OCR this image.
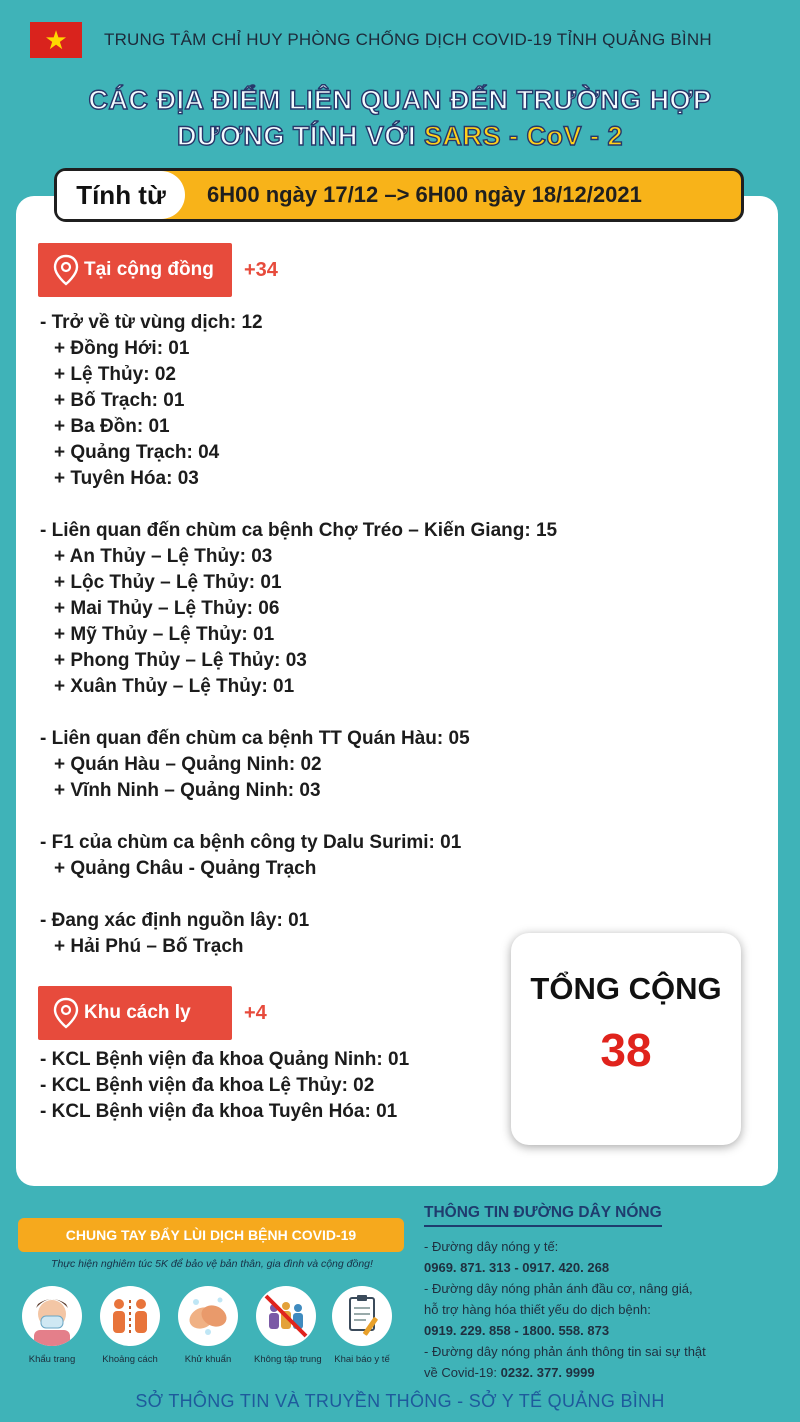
★	TRUNG TÂM CHỈ HUY PHÒNG CHỐNG DỊCH COVID-19 TỈNH QUẢNG BÌNH
CÁC ĐỊA ĐIỂM LIÊN QUAN ĐẾN TRƯỜNG HỢP
DƯƠNG TÍNH VỚI SARS - CoV - 2
Tính từ	6H00 ngày 17/12 –> 6H00 ngày 18/12/2021
Tại cộng đồng +34
- Trở về từ vùng dịch: 12
+ Đồng Hới: 01
+ Lệ Thủy: 02
+ Bố Trạch: 01
+ Ba Đồn: 01
+ Quảng Trạch: 04
+ Tuyên Hóa: 03
- Liên quan đến chùm ca bệnh Chợ Tréo – Kiến Giang: 15
+ An Thủy – Lệ Thủy: 03
+ Lộc Thủy – Lệ Thủy: 01
+ Mai Thủy – Lệ Thủy: 06
+ Mỹ Thủy – Lệ Thủy: 01
+ Phong Thủy – Lệ Thủy: 03
+ Xuân Thủy – Lệ Thủy: 01
- Liên quan đến chùm ca bệnh TT Quán Hàu: 05
+ Quán Hàu – Quảng Ninh: 02
+ Vĩnh Ninh – Quảng Ninh: 03
- F1 của chùm ca bệnh công ty Dalu Surimi: 01
+ Quảng Châu - Quảng Trạch
- Đang xác định nguồn lây: 01
+ Hải Phú – Bố Trạch
Khu cách ly	+4
- KCL Bệnh viện đa khoa Quảng Ninh: 01
- KCL Bệnh viện đa khoa Lệ Thủy: 02
- KCL Bệnh viện đa khoa Tuyên Hóa: 01
TỔNG CỘNG
38
CHUNG TAY ĐẨY LÙI DỊCH BỆNH COVID-19
Thực hiện nghiêm túc 5K để bảo vệ bản thân, gia đình và cộng đồng!
Khẩu trang	Khoảng cách	Khử khuẩn	Không tập trung	Khai báo y tế
THÔNG TIN ĐƯỜNG DÂY NÓNG
- Đường dây nóng y tế:
0969. 871. 313 - 0917. 420. 268
- Đường dây nóng phản ánh đầu cơ, nâng giá,
hỗ trợ hàng hóa thiết yếu do dịch bệnh:
0919. 229. 858 - 1800. 558. 873
- Đường dây nóng phản ánh thông tin sai sự thật
về Covid-19: 0232. 377. 9999
SỞ THÔNG TIN VÀ TRUYỀN THÔNG - SỞ Y TẾ QUẢNG BÌNH
